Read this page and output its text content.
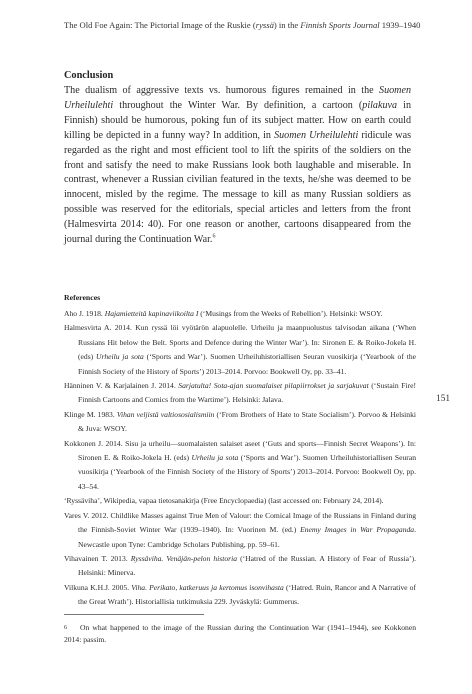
The Old Foe Again: The Pictorial Image of the Ruskie (ryssä) in the Finnish Sports Journal 1939–1940
Conclusion

The dualism of aggressive texts vs. humorous figures remained in the Suomen Urheilulehti throughout the Winter War. By definition, a cartoon (pilakuva in Finnish) should be humorous, poking fun of its subject matter. How on earth could killing be depicted in a funny way? In addition, in Suomen Urheilulehti ridicule was regarded as the right and most efficient tool to lift the spirits of the soldiers on the front and satisfy the need to make Russians look both laughable and miserable. In contrast, whenever a Russian civilian featured in the texts, he/she was deemed to be innocent, misled by the regime. The message to kill as many Russian soldiers as possible was reserved for the editorials, special articles and letters from the front (Halmesvirta 2014: 40). For one reason or another, cartoons disappeared from the journal during the Continuation War.$^6$

References
Aho J. 1918. Hajamietteitä kapinaviikoilta I (‘Musings from the Weeks of Rebellion’). Helsinki: WSOY.
Halmesvirta A. 2014. Kun ryssä löi vyötärön alapuolelle. Urheilu ja maanpuolustus talvisodan aikana (‘When Russians Hit below the Belt. Sports and Defence during the Winter War’). In: Sironen E. & Roiko-Jokela H. (eds) Urheilu ja sota (‘Sports and War’). Suomen Urheiluhistoriallisen Seuran vuosikirja (‘Yearbook of the Finnish Society of the History of Sports’) 2013–2014. Porvoo: Bookwell Oy, pp. 33–41.
Hänninen V. & Karjalainen J. 2014. Sarjatulta! Sota-ajan suomalaiset pilapiirrokset ja sarjakuvat (‘Sustain Fire! Finnish Cartoons and Comics from the Wartime’). Helsinki: Jalava.
Klinge M. 1983. Vihan veljistä valtiososialismiin (‘From Brothers of Hate to State Socialism’). Porvoo & Helsinki & Juva: WSOY.
Kokkonen J. 2014. Sisu ja urheilu—suomalaisten salaiset aseet (‘Guts and sports—Finnish Secret Weapons’). In: Sironen E. & Roiko-Jokela H. (eds) Urheilu ja sota (‘Sports and War’). Suomen Urheiluhistoriallisen Seuran vuosikirja (‘Yearbook of the Finnish Society of the History of Sports’) 2013–2014. Porvoo: Bookwell Oy, pp. 43–54.
‘Ryssäviha’, Wikipedia, vapaa tietosanakirja (Free Encyclopaedia) (last accessed on: February 24, 2014).
Vares V. 2012. Childlike Masses against True Men of Valour: the Comical Image of the Russians in Finland during the Finnish-Soviet Winter War (1939–1940). In: Vuorinen M. (ed.) Enemy Images in War Propaganda. Newcastle upon Tyne: Cambridge Scholars Publishing, pp. 59–61.
Vihavainen T. 2013. Ryssäviha. Venäjän-pelon historia (‘Hatred of the Russian. A History of Fear of Russia’). Helsinki: Minerva.
Vilkuna K.H.J. 2005. Viha. Perikato, katkeruus ja kertomus isonvihasta (‘Hatred. Ruin, Rancor and A Narrative of the Great Wrath’). Historiallisia tutkimuksia 229. Jyväskylä: Gummerus.
151
6 On what happened to the image of the Russian during the Continuation War (1941–1944), see Kokkonen 2014: passim.
